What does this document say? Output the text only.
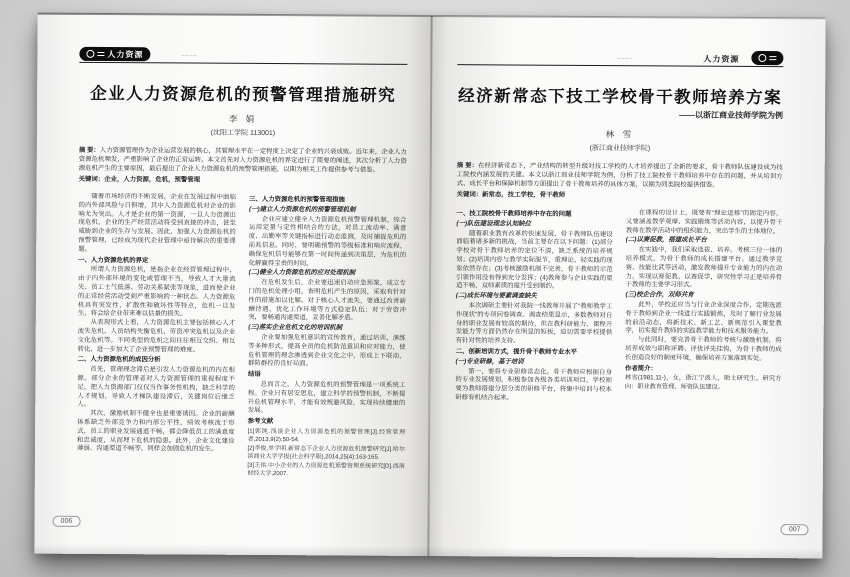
人力资源	┄┄┄┄
企业人力资源危机的预警管理措施研究
李 娟
(沈阳工学院 113001)
摘 要：人力资源管理作为企业运营发展的核心，其管理水平在一定程度上决定了企业的兴衰成败。近年来，企业人力资源危机频发，严重影响了企业的正常运转。本文首先对人力资源危机的界定进行了简要的阐述，其次分析了人力资源危机产生的主要原因，最后提出了企业人力资源危机的预警管理措施，以期为相关工作提供参考与借鉴。
关键词：企业，人力资源，危机，预警管理
随着市场经济的不断发展，企业在发展过程中面临的内外部风险与日俱增，其中人力资源危机对企业的影响尤为突出。人才是企业的第一资源，一旦人力资源出现危机，企业的生产经营活动将受到直接的冲击，甚至威胁到企业的生存与发展。因此，加强人力资源危机的预警管理，已经成为现代企业管理中亟待解决的重要课题。
一、人力资源危机的界定
所谓人力资源危机，是指企业在经营管理过程中，由于内外部环境的变化或管理不当，导致人才大量流失、员工士气低落、劳动关系紧张等现象，进而使企业的正常经营活动受到严重影响的一种状态。人力资源危机具有突发性、扩散性和破坏性等特点，危机一旦发生，将会给企业带来难以估量的损失。
从表现形式上看，人力资源危机主要包括核心人才流失危机、人员结构失衡危机、劳资冲突危机以及企业文化危机等。不同类型的危机之间往往相互交织、相互转化，进一步加大了企业预警管理的难度。
二、人力资源危机的成因分析
首先，管理理念滞后是引发人力资源危机的内在根源。部分企业的管理者对人力资源管理的重视程度不足，把人力资源部门仅仅当作事务性机构，缺乏科学的人才规划，导致人才梯队建设滞后，关键岗位后继乏人。
其次，激励机制不健全也是重要诱因。企业的薪酬体系缺乏外部竞争力和内部公平性，绩效考核流于形式，员工的职业发展通道不畅，都会降低员工的满意度和忠诚度，从而埋下危机的隐患。此外，企业文化建设薄弱、沟通渠道不畅等，同样会加剧危机的发生。
三、人力资源危机的预警管理措施
(一)建立人力资源危机的预警管理机制
企业应建立健全人力资源危机预警管理机制，综合运用定量与定性相结合的方法，对员工流动率、满意度、出勤率等关键指标进行动态监测，及时捕捉危机的前兆信息。同时，要明确预警的等级标准和响应流程，确保危机信号能够在第一时间传递到决策层，为危机的化解赢得宝贵的时间。
(二)健全人力资源危机的应对处理机制
在危机发生后，企业要迅速启动应急预案，成立专门的危机处理小组，查明危机产生的原因，采取有针对性的措施加以化解。对于核心人才流失，要通过改善薪酬待遇、优化工作环境等方式稳定队伍；对于劳资冲突，要畅通沟通渠道，妥善化解矛盾。
(三)落实企业危机文化的培训机制
企业要加强危机意识的宣传教育，通过培训、演练等多种形式，提高全员的危机防范意识和应对能力，使危机管理的理念渗透到企业文化之中，形成上下联动、群防群控的良好局面。
结语
总而言之，人力资源危机的预警管理是一项系统工程。企业只有居安思危，建立科学的预警机制，不断提升危机管理水平，才能有效规避风险，实现持续健康的发展。
参考文献
[1]郭纯.浅谈企业人力资源危机的预警管理[J].经营管理者,2013,9(2):50-54.
[2]李俊,单学明.新常态下企业人力资源危机预警研究[J].哈尔滨商业大学学报(社会科学版),2014,25(4):163-165.
[3]王伟.中小企业的人力资源危机预警管理系统研究[D].西南财经大学,2007.
006
┄┄┄┄	人力资源
经济新常态下技工学校骨干教师培养方案
——以浙江商业技师学院为例
林 雪
(浙江商业技师学院)
摘 要：在经济新常态下，产业结构的转型升级对技工学校的人才培养提出了全新的要求，骨干教师队伍建设成为技工院校内涵发展的关键。本文以浙江商业技师学院为例，分析了技工院校骨干教师培养中存在的问题，并从培训方式、成长平台和保障机制等方面提出了骨干教师培养的具体方案，以期为同类院校提供借鉴。
关键词：新常态，技工学校，骨干教师
一、技工院校骨干教师培养中存在的问题
(一)队伍建设理念认知缺位
随着职业教育改革的快速发展，骨干教师队伍建设面临着诸多新的挑战，当前主要存在以下问题：(1)部分学校对骨干教师培养的定位不清，缺乏系统的培养规划；(2)培训内容与教学实际脱节，重理论、轻实践的现象依然存在；(3)考核激励机制不完善，骨干教师的示范引领作用没有得到充分发挥；(4)教师参与企业实践的渠道不畅，双师素质的提升受到制约。
(二)成长环境与要素调查缺失
本次调研主要针对我院一线教师开展了“教师教学工作现状”的专项问卷调查。调查结果显示，多数教师对自身的职业发展有较高的期待，但在教科研能力、课程开发能力等方面仍然存在明显的短板，迫切需要学校提供有针对性的培养支持。
二、创新培训方式，提升骨干教师专业水平
(一)专业研修，基于培训
第一，要将专业研修常态化。骨干教师应根据自身的专业发展规划，积极参加各级各类培训项目，学校则要为教师搭建分层分类的研修平台，将集中培训与校本研修有机结合起来。
在课程的设计上，既要有“理论进修”的固定内容，又要涵盖教学观摩、实践锻炼等活动内容，以提升骨干教师在教学活动中的组织能力，突出学生的主体地位。
(二)以赛促教，搭建成长平台
在实践中，我们采取选拔、培养、考核三位一体的培养模式，为骨干教师的成长搭建平台。通过教学竞赛、技能比武等活动，激发教师提升专业能力的内在动力，实现以赛促教、以赛促学，研究性学习正是培养骨干教师的主要学习形式。
(三)校企合作，双师共育
此外，学校还应当与行业企业深度合作，定期选派骨干教师到企业一线进行实践锻炼，及时了解行业发展的前沿动态，将新技术、新工艺、新规范引入课堂教学，切实提升教师的实践教学能力和技术服务能力。
与此同时，要完善骨干教师的考核与激励机制，将培养成效与职称评聘、评优评先挂钩，为骨干教师的成长创造良好的制度环境，确保培养方案落到实处。
作者简介：
林雪(1981.11-)，女，浙江宁波人，硕士研究生，研究方向：职业教育管理、师资队伍建设。
007
